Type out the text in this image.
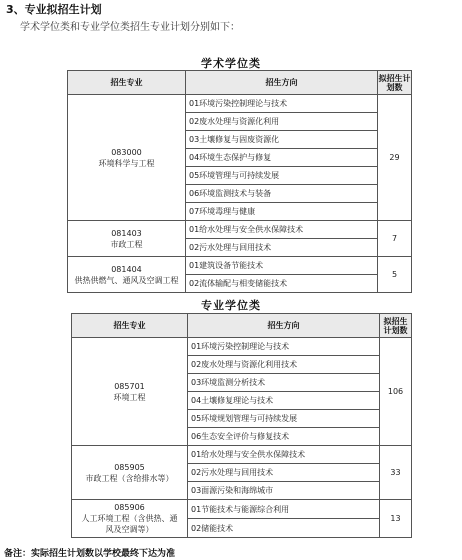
3、专业拟招生计划
学术学位类和专业学位类招生专业计划分别如下：
学术学位类
招生专业	招生方向	拟招生计划数

083000
环境科学与工程	01环境污染控制理论与技术	29
	02废水处理与资源化利用	
	03土壤修复与固废资源化	
	04环境生态保护与修复	
	05环境管理与可持续发展	
	06环境监测技术与装备	
	07环境毒理与健康	

081403
市政工程	01给水处理与安全供水保障技术	7
	02污水处理与回用技术	

081404
供热供燃气、通风及空调工程	01建筑设备节能技术	5
	02流体输配与相变储能技术	
专业学位类
招生专业	招生方向	拟招生计划数

085701
环境工程	01环境污染控制理论与技术	106
	02废水处理与资源化利用技术	
	03环境监测分析技术	
	04土壤修复理论与技术	
	05环境规划管理与可持续发展	
	06生态安全评价与修复技术	

085905
市政工程（含给排水等）	01给水处理与安全供水保障技术	33
	02污水处理与回用技术	
	03面源污染和海绵城市	

085906
人工环境工程（含供热、通风及空调等）	01节能技术与能源综合利用	13
	02储能技术	
备注：实际招生计划数以学校最终下达为准
